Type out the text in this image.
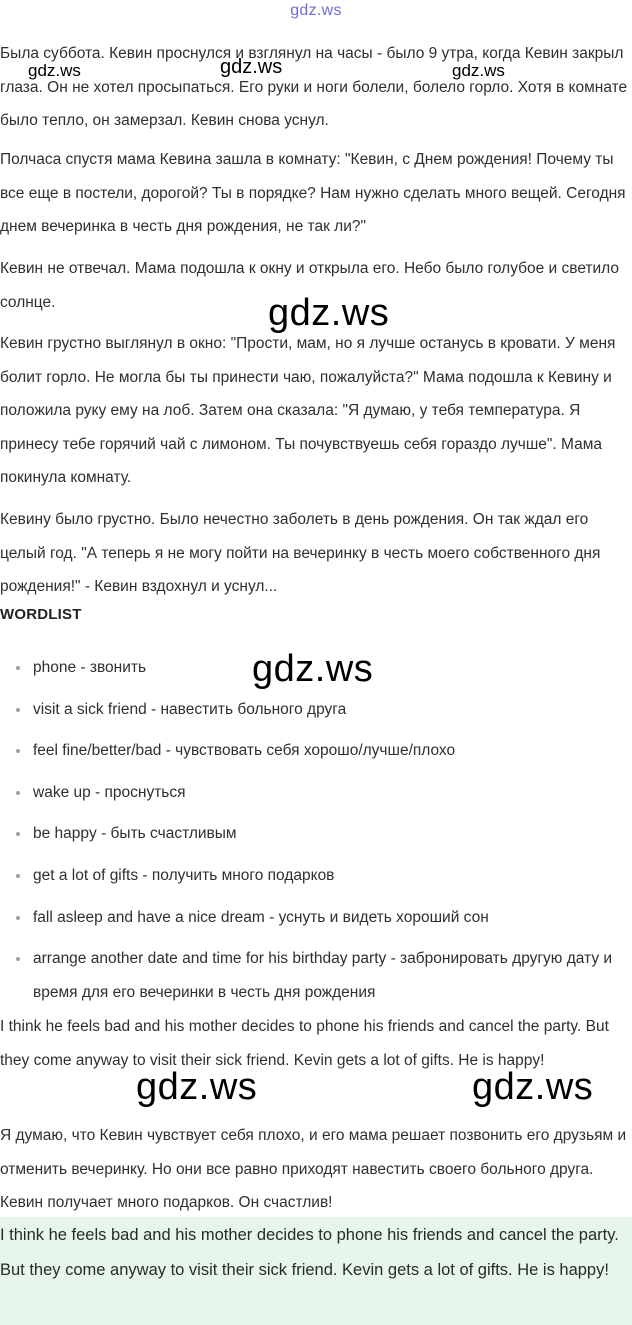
gdz.ws

Была суббота. Кевин проснулся и взглянул на часы - было 9 утра, когда Кевин закрыл глаза. Он не хотел просыпаться. Его руки и ноги болели, болело горло. Хотя в комнате было тепло, он замерзал. Кевин снова уснул.

Полчаса спустя мама Кевина зашла в комнату: "Кевин, с Днем рождения! Почему ты все еще в постели, дорогой? Ты в порядке? Нам нужно сделать много вещей. Сегодня днем вечеринка в честь дня рождения, не так ли?"

Кевин не отвечал. Мама подошла к окну и открыла его. Небо было голубое и светило солнце.

Кевин грустно выглянул в окно: "Прости, мам, но я лучше останусь в кровати. У меня болит горло. Не могла бы ты принести чаю, пожалуйста?" Мама подошла к Кевину и положила руку ему на лоб. Затем она сказала: "Я думаю, у тебя температура. Я принесу тебе горячий чай с лимоном. Ты почувствуешь себя гораздо лучше". Мама покинула комнату.

Кевину было грустно. Было нечестно заболеть в день рождения. Он так ждал его целый год. "А теперь я не могу пойти на вечеринку в честь моего собственного дня рождения!" - Кевин вздохнул и уснул...

WORDLIST
phone - звонить
visit a sick friend - навестить больного друга
feel fine/better/bad - чувствовать себя хорошо/лучше/плохо
wake up - проснуться
be happy - быть счастливым
get a lot of gifts - получить много подарков
fall asleep and have a nice dream - уснуть и видеть хороший сон
arrange another date and time for his birthday party - забронировать другую дату и время для его вечеринки в честь дня рождения

I think he feels bad and his mother decides to phone his friends and cancel the party. But they come anyway to visit their sick friend. Kevin gets a lot of gifts. He is happy!

Я думаю, что Кевин чувствует себя плохо, и его мама решает позвонить его друзьям и отменить вечеринку. Но они все равно приходят навестить своего больного друга. Кевин получает много подарков. Он счастлив!

I think he feels bad and his mother decides to phone his friends and cancel the party. But they come anyway to visit their sick friend. Kevin gets a lot of gifts. He is happy!

gdz.ws	gdz.ws	gdz.ws
gdz.ws
gdz.ws
gdz.ws	gdz.ws
